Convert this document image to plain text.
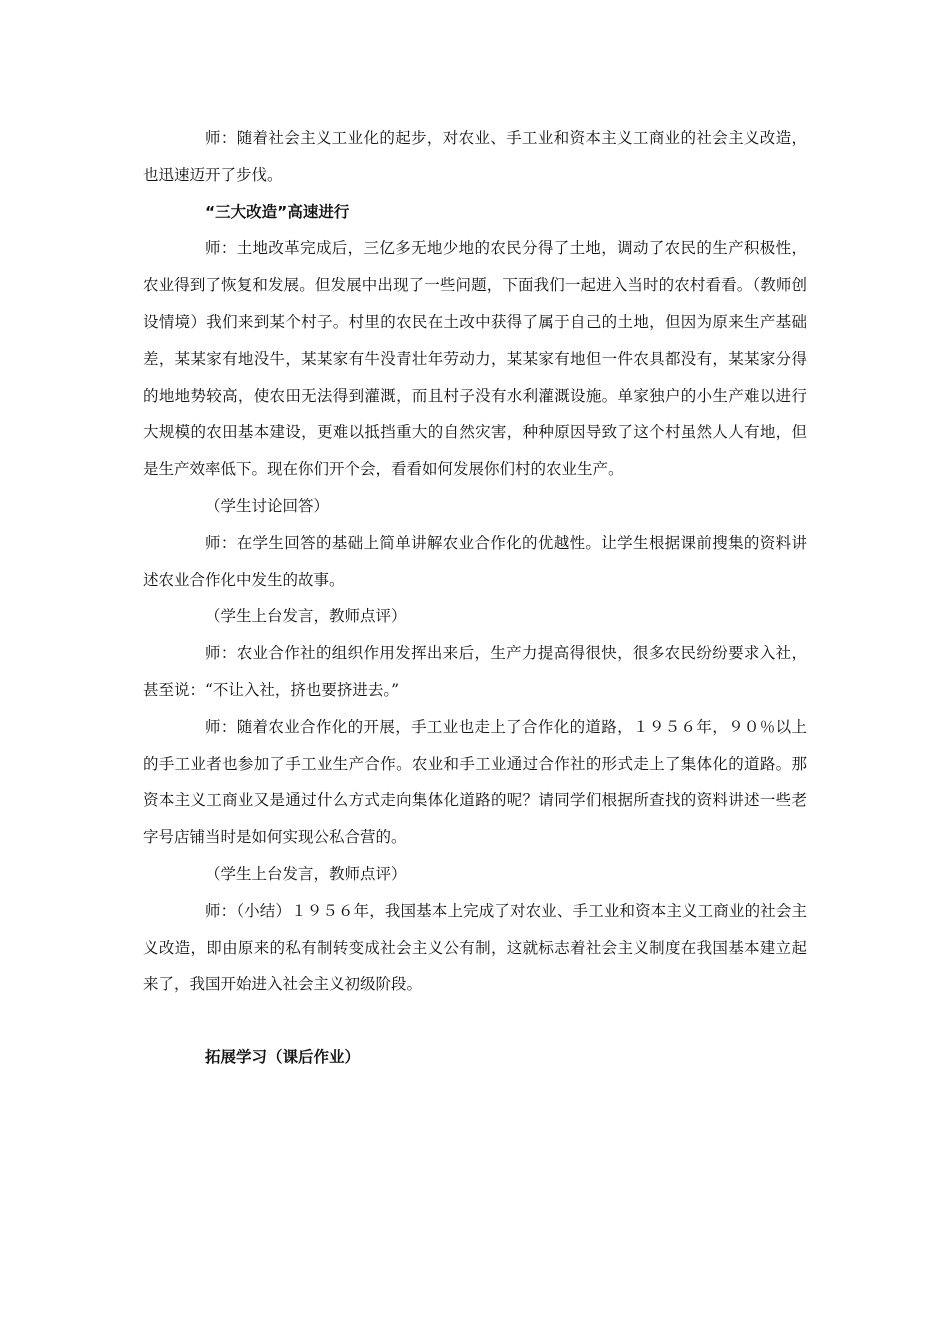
师：随着社会主义工业化的起步，对农业、手工业和资本主义工商业的社会主义改造，也迅速迈开了步伐。

“三大改造”高速进行

师：土地改革完成后，三亿多无地少地的农民分得了土地，调动了农民的生产积极性，农业得到了恢复和发展。但发展中出现了一些问题，下面我们一起进入当时的农村看看。（教师创设情境）我们来到某个村子。村里的农民在土改中获得了属于自己的土地，但因为原来生产基础差，某某家有地没牛，某某家有牛没青壮年劳动力，某某家有地但一件农具都没有，某某家分得的地地势较高，使农田无法得到灌溉，而且村子没有水利灌溉设施。单家独户的小生产难以进行大规模的农田基本建设，更难以抵挡重大的自然灾害，种种原因导致了这个村虽然人人有地，但是生产效率低下。现在你们开个会，看看如何发展你们村的农业生产。

（学生讨论回答）

师：在学生回答的基础上简单讲解农业合作化的优越性。让学生根据课前搜集的资料讲述农业合作化中发生的故事。

（学生上台发言，教师点评）

师：农业合作社的组织作用发挥出来后，生产力提高得很快，很多农民纷纷要求入社，甚至说：“不让入社，挤也要挤进去。”

师：随着农业合作化的开展，手工业也走上了合作化的道路，１９５６年，９０％以上的手工业者也参加了手工业生产合作。农业和手工业通过合作社的形式走上了集体化的道路。那资本主义工商业又是通过什么方式走向集体化道路的呢？请同学们根据所查找的资料讲述一些老字号店铺当时是如何实现公私合营的。

（学生上台发言，教师点评）

师：（小结）１９５６年，我国基本上完成了对农业、手工业和资本主义工商业的社会主义改造，即由原来的私有制转变成社会主义公有制，这就标志着社会主义制度在我国基本建立起来了，我国开始进入社会主义初级阶段。

拓展学习（课后作业）
